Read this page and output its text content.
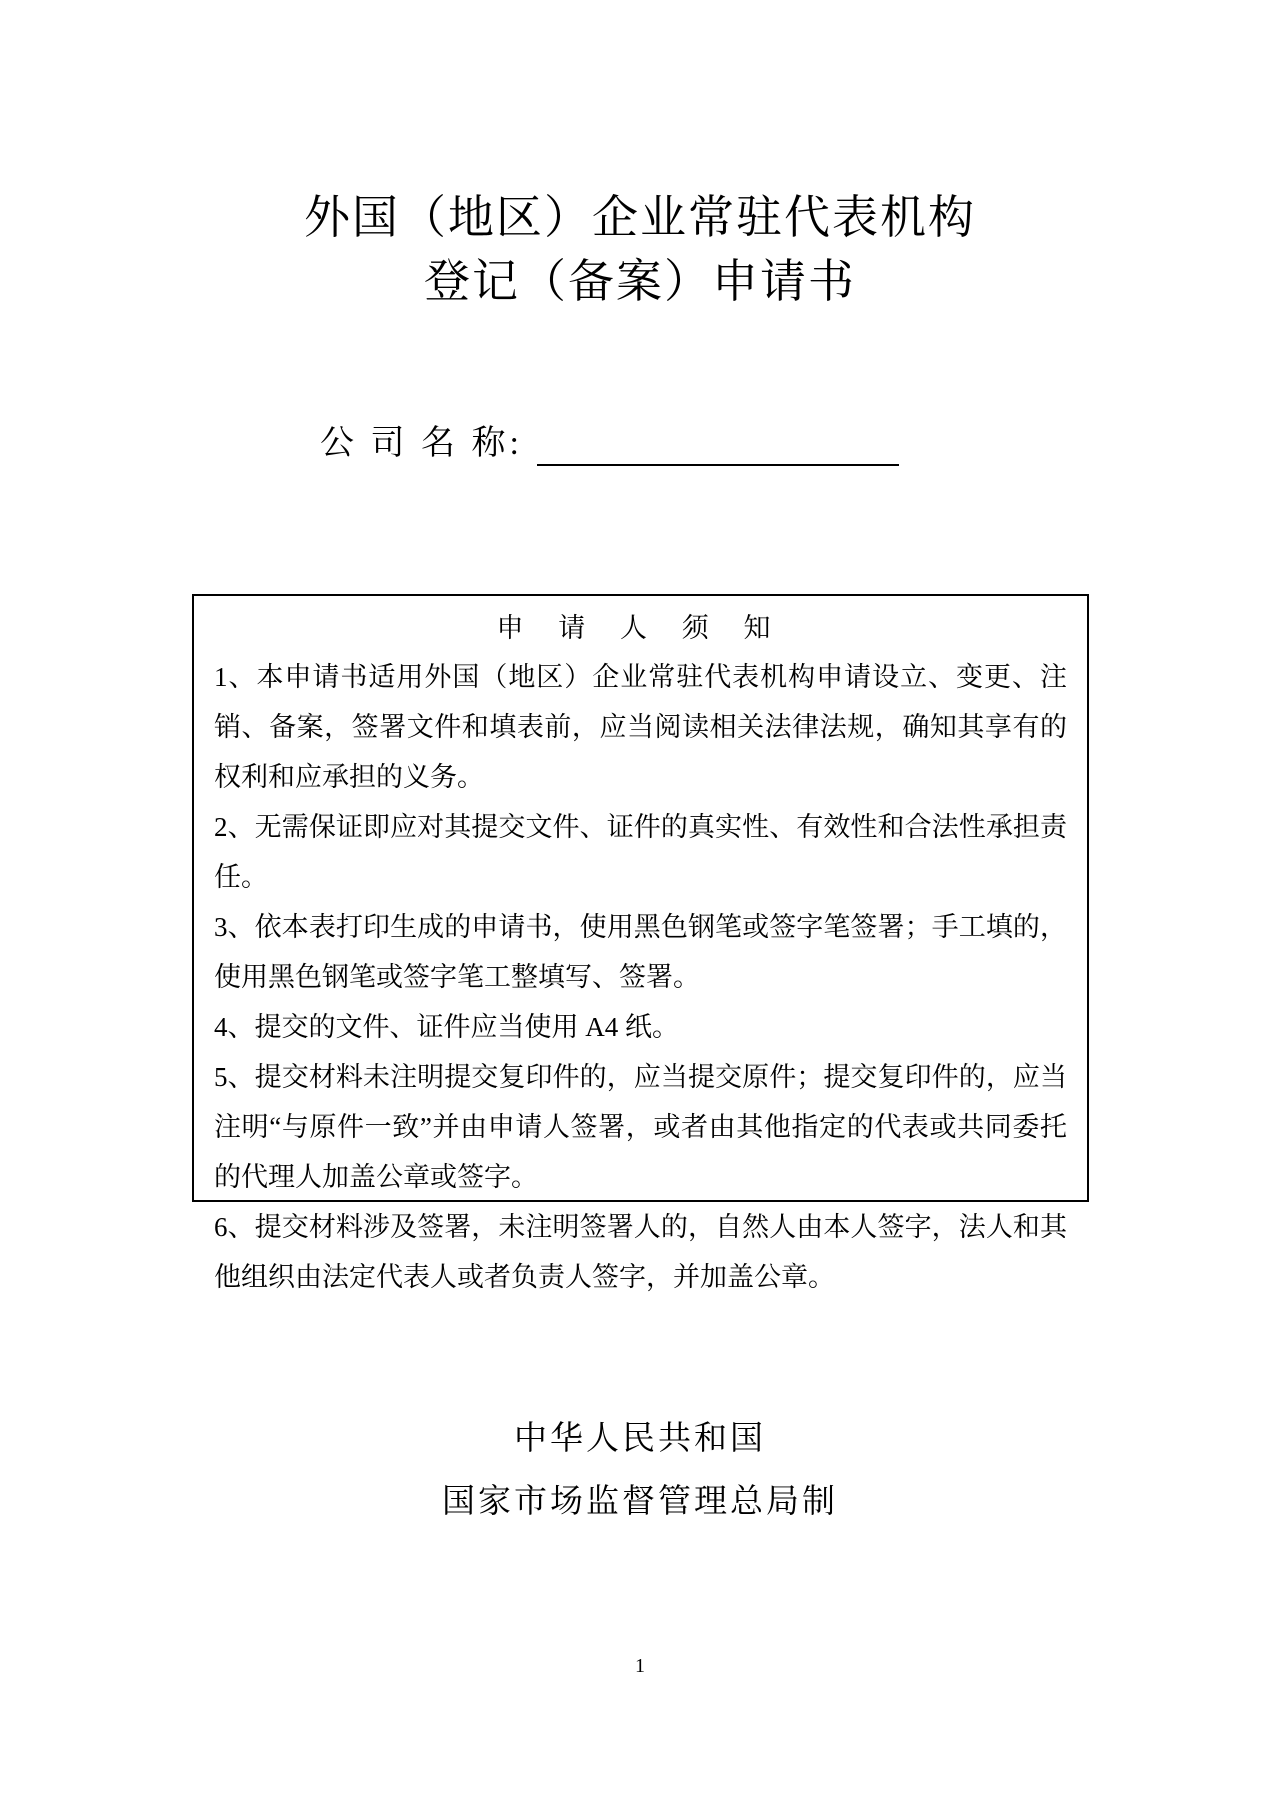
外国（地区）企业常驻代表机构
登记（备案）申请书
公 司 名 称:

申 请 人 须 知

1、本申请书适用外国（地区）企业常驻代表机构申请设立、变更、注销、备案，签署文件和填表前，应当阅读相关法律法规，确知其享有的权利和应承担的义务。

2、无需保证即应对其提交文件、证件的真实性、有效性和合法性承担责任。

3、依本表打印生成的申请书，使用黑色钢笔或签字笔签署；手工填的，使用黑色钢笔或签字笔工整填写、签署。

4、提交的文件、证件应当使用 A4 纸。

5、提交材料未注明提交复印件的，应当提交原件；提交复印件的，应当注明“与原件一致”并由申请人签署，或者由其他指定的代表或共同委托的代理人加盖公章或签字。

6、提交材料涉及签署，未注明签署人的，自然人由本人签字，法人和其他组织由法定代表人或者负责人签字，并加盖公章。

中华人民共和国
国家市场监督管理总局制
1
